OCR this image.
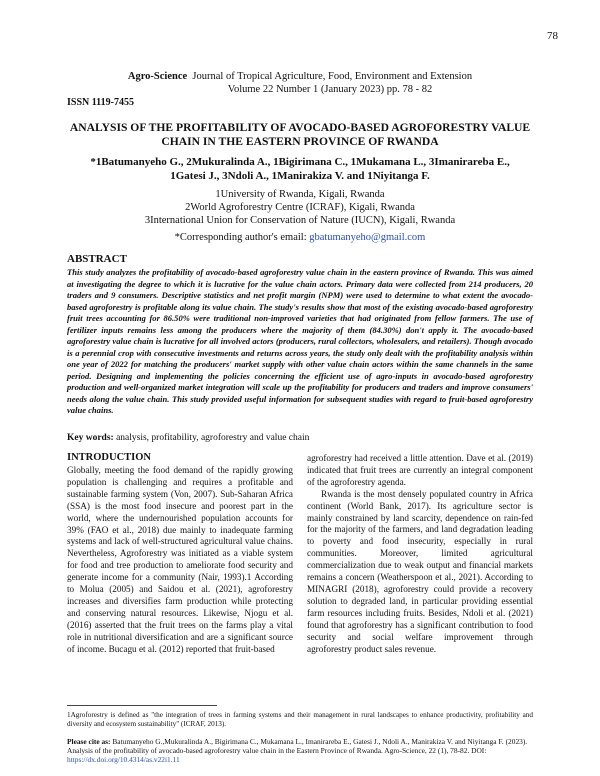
78
Agro-Science Journal of Tropical Agriculture, Food, Environment and Extension
Volume 22 Number 1 (January 2023) pp. 78 - 82
ISSN 1119-7455
ANALYSIS OF THE PROFITABILITY OF AVOCADO-BASED AGROFORESTRY VALUE CHAIN IN THE EASTERN PROVINCE OF RWANDA
*1Batumanyeho G., 2Mukuralinda A., 1Bigirimana C., 1Mukamana L., 3Imanirareba E.,
1Gatesi J., 3Ndoli A., 1Manirakiza V. and 1Niyitanga F.
1University of Rwanda, Kigali, Rwanda
2World Agroforestry Centre (ICRAF), Kigali, Rwanda
3International Union for Conservation of Nature (IUCN), Kigali, Rwanda
*Corresponding author's email: gbatumanyeho@gmail.com
ABSTRACT
This study analyzes the profitability of avocado-based agroforestry value chain in the eastern province of Rwanda. This was aimed at investigating the degree to which it is lucrative for the value chain actors. Primary data were collected from 214 producers, 20 traders and 9 consumers. Descriptive statistics and net profit margin (NPM) were used to determine to what extent the avocado-based agroforestry is profitable along its value chain. The study's results show that most of the existing avocado-based agroforestry fruit trees accounting for 86.50% were traditional non-improved varieties that had originated from fellow farmers. The use of fertilizer inputs remains less among the producers where the majority of them (84.30%) don't apply it. The avocado-based agroforestry value chain is lucrative for all involved actors (producers, rural collectors, wholesalers, and retailers). Though avocado is a perennial crop with consecutive investments and returns across years, the study only dealt with the profitability analysis within one year of 2022 for matching the producers' market supply with other value chain actors within the same channels in the same period. Designing and implementing the policies concerning the efficient use of agro-inputs in avocado-based agroforestry production and well-organized market integration will scale up the profitability for producers and traders and improve consumers' needs along the value chain. This study provided useful information for subsequent studies with regard to fruit-based agroforestry value chains.
Key words: analysis, profitability, agroforestry and value chain
INTRODUCTION

Globally, meeting the food demand of the rapidly growing population is challenging and requires a profitable and sustainable farming system (Von, 2007). Sub-Saharan Africa (SSA) is the most food insecure and poorest part in the world, where the undernourished population accounts for 39% (FAO et al., 2018) due mainly to inadequate farming systems and lack of well-structured agricultural value chains. Nevertheless, Agroforestry was initiated as a viable system for food and tree production to ameliorate food security and generate income for a community (Nair, 1993).1 According to Molua (2005) and Saidou et al. (2021), agroforestry increases and diversifies farm production while protecting and conserving natural resources. Likewise, Njogu et al. (2016) asserted that the fruit trees on the farms play a vital role in nutritional diversification and are a significant source of income. Bucagu et al. (2012) reported that fruit-based

agroforestry had received a little attention. Dave et al. (2019) indicated that fruit trees are currently an integral component of the agroforestry agenda.

Rwanda is the most densely populated country in Africa continent (World Bank, 2017). Its agriculture sector is mainly constrained by land scarcity, dependence on rain-fed for the majority of the farmers, and land degradation leading to poverty and food insecurity, especially in rural communities. Moreover, limited agricultural commercialization due to weak output and financial markets remains a concern (Weatherspoon et al., 2021). According to MINAGRI (2018), agroforestry could provide a recovery solution to degraded land, in particular providing essential farm resources including fruits. Besides, Ndoli et al. (2021) found that agroforestry has a significant contribution to food security and social welfare improvement through agroforestry product sales revenue.

1Agroforestry is defined as "the integration of trees in farming systems and their management in rural landscapes to enhance productivity, profitability and diversity and ecosystem sustainability" (ICRAF, 2013).
Please cite as: Batumanyeho G.,Mukuralinda A., Bigirimana C., Mukamana L., Imanirareba E., Gatesi J., Ndoli A., Manirakiza V. and Niyitanga F. (2023). Analysis of the profitability of avocado-based agroforestry value chain in the Eastern Province of Rwanda. Agro-Science, 22 (1), 78-82. DOI: https://dx.doi.org/10.4314/as.v22i1.11
